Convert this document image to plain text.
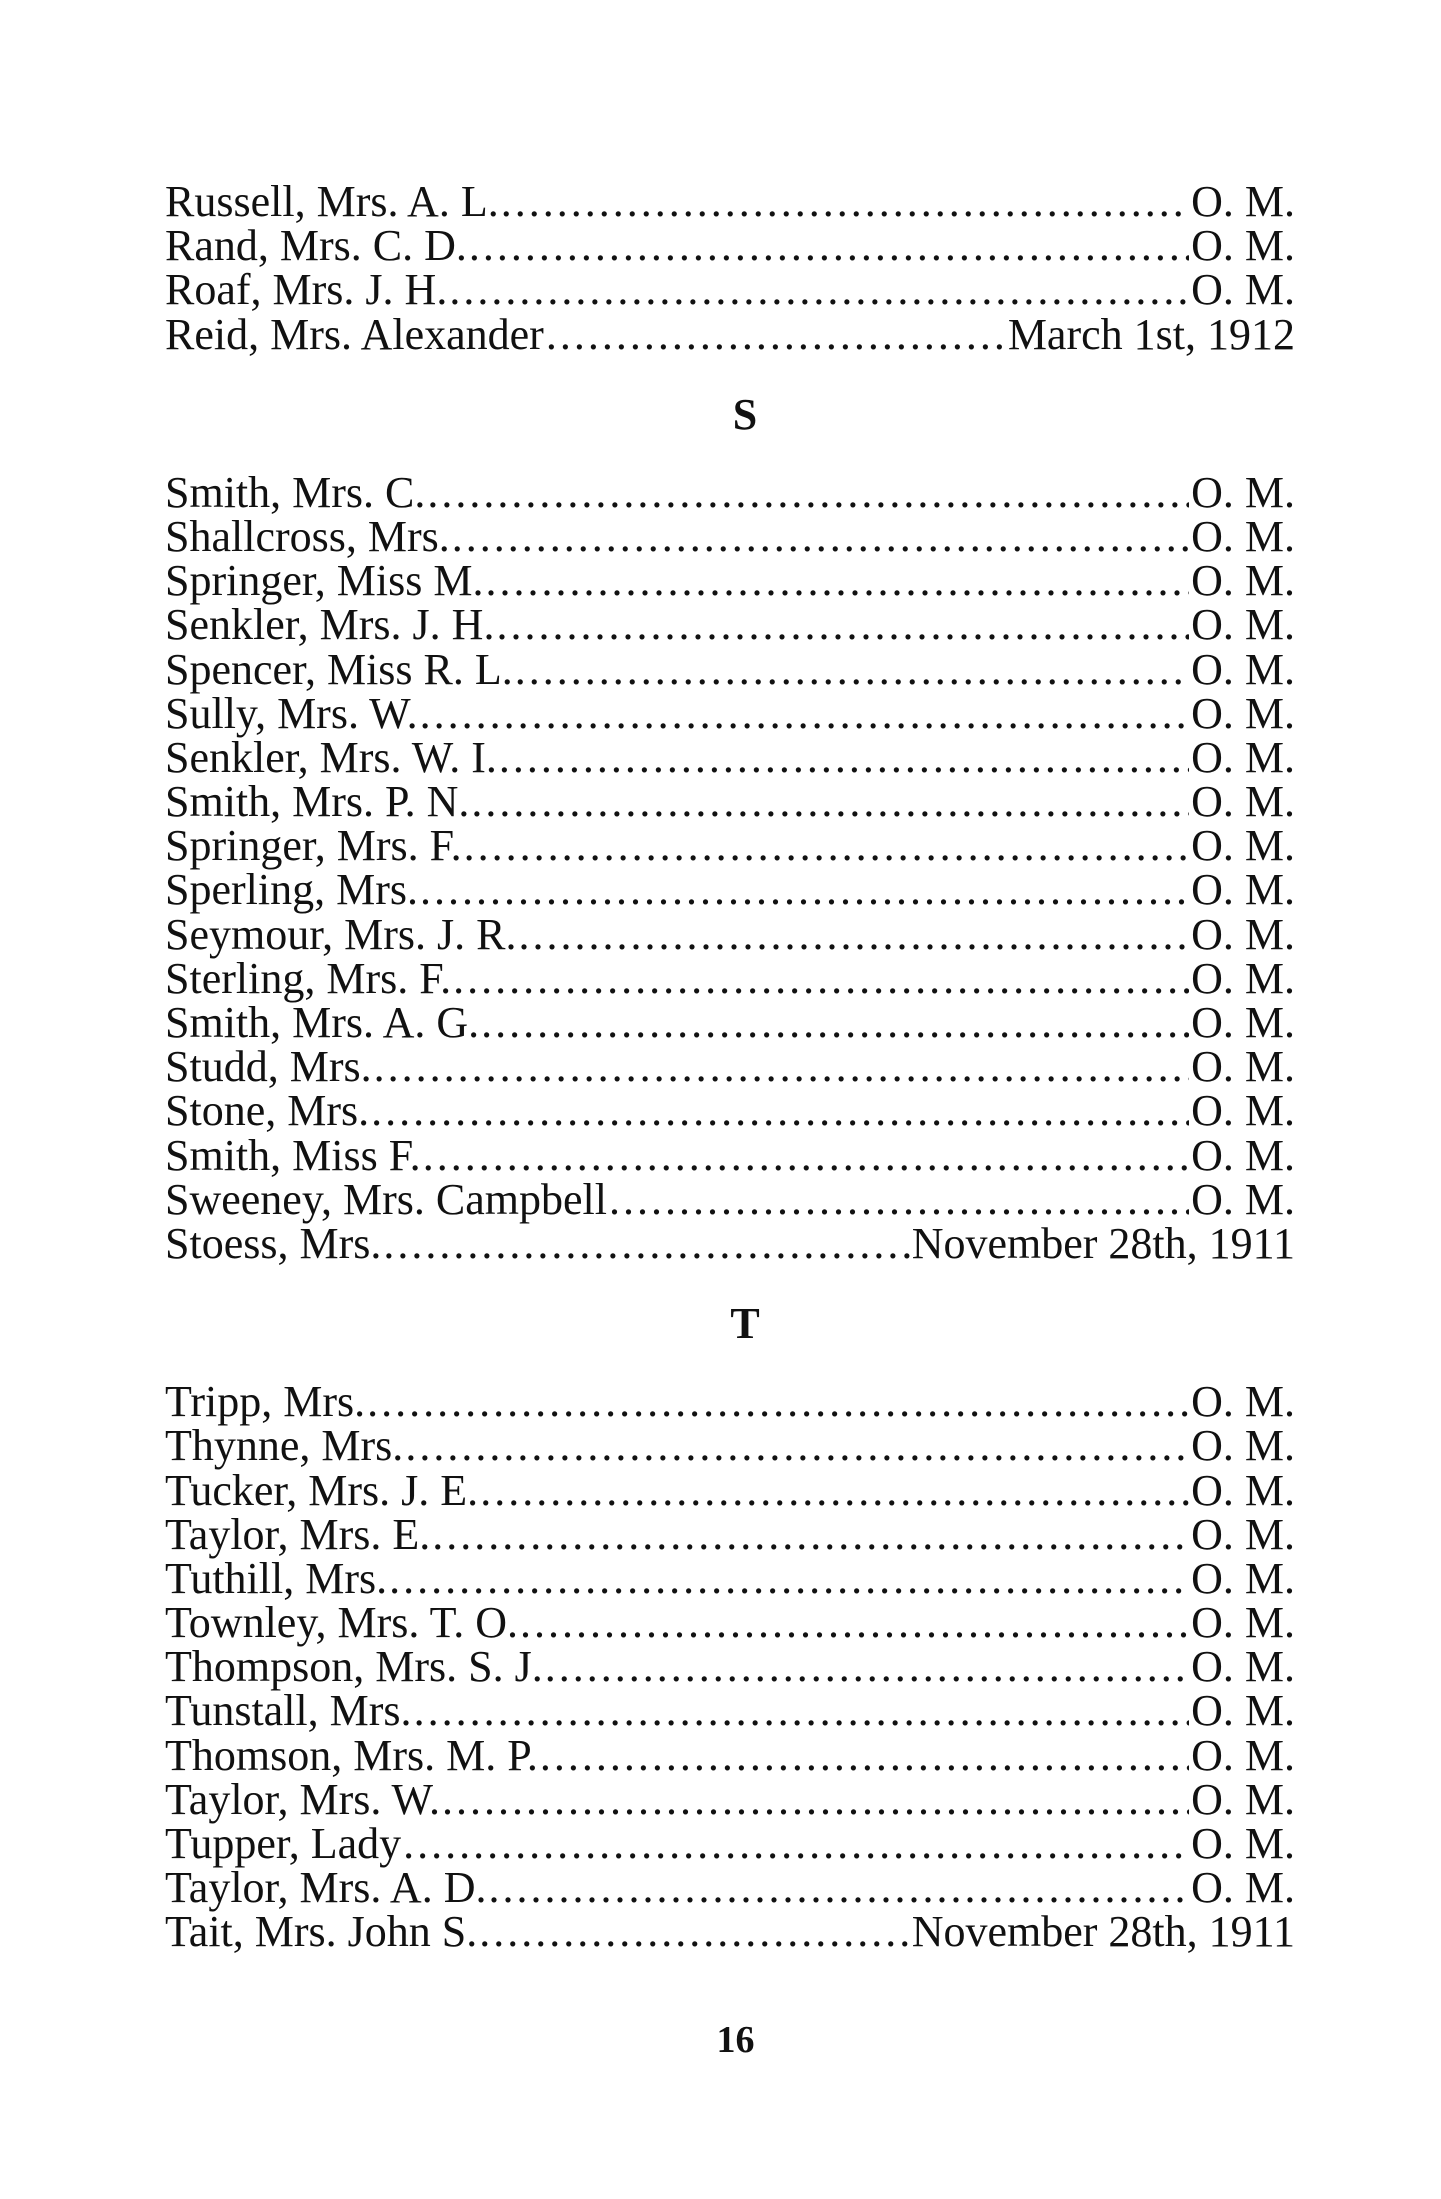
Russell, Mrs. A. L. .....	O. M.
Rand, Mrs. C. D. .....	O. M.
Roaf, Mrs. J. H. .....	O. M.
Reid, Mrs. Alexander .....	March 1st, 1912
S
Smith, Mrs. C. .....	O. M.
Shallcross, Mrs. .....	O. M.
Springer, Miss M. .....	O. M.
Senkler, Mrs. J. H. .....	O. M.
Spencer, Miss R. L. .....	O. M.
Sully, Mrs. W. .....	O. M.
Senkler, Mrs. W. I. .....	O. M.
Smith, Mrs. P. N. .....	O. M.
Springer, Mrs. F. .....	O. M.
Sperling, Mrs. .....	O. M.
Seymour, Mrs. J. R. .....	O. M.
Sterling, Mrs. F. .....	O. M.
Smith, Mrs. A. G. .....	O. M.
Studd, Mrs. .....	O. M.
Stone, Mrs. .....	O. M.
Smith, Miss F. .....	O. M.
Sweeney, Mrs. Campbell .....	O. M.
Stoess, Mrs. .....	November 28th, 1911
T
Tripp, Mrs. .....	O. M.
Thynne, Mrs. .....	O. M.
Tucker, Mrs. J. E. .....	O. M.
Taylor, Mrs. E. .....	O. M.
Tuthill, Mrs. .....	O. M.
Townley, Mrs. T. O. .....	O. M.
Thompson, Mrs. S. J. .....	O. M.
Tunstall, Mrs. .....	O. M.
Thomson, Mrs. M. P. .....	O. M.
Taylor, Mrs. W. .....	O. M.
Tupper, Lady .....	O. M.
Taylor, Mrs. A. D. .....	O. M.
Tait, Mrs. John S. .....	November 28th, 1911
16
